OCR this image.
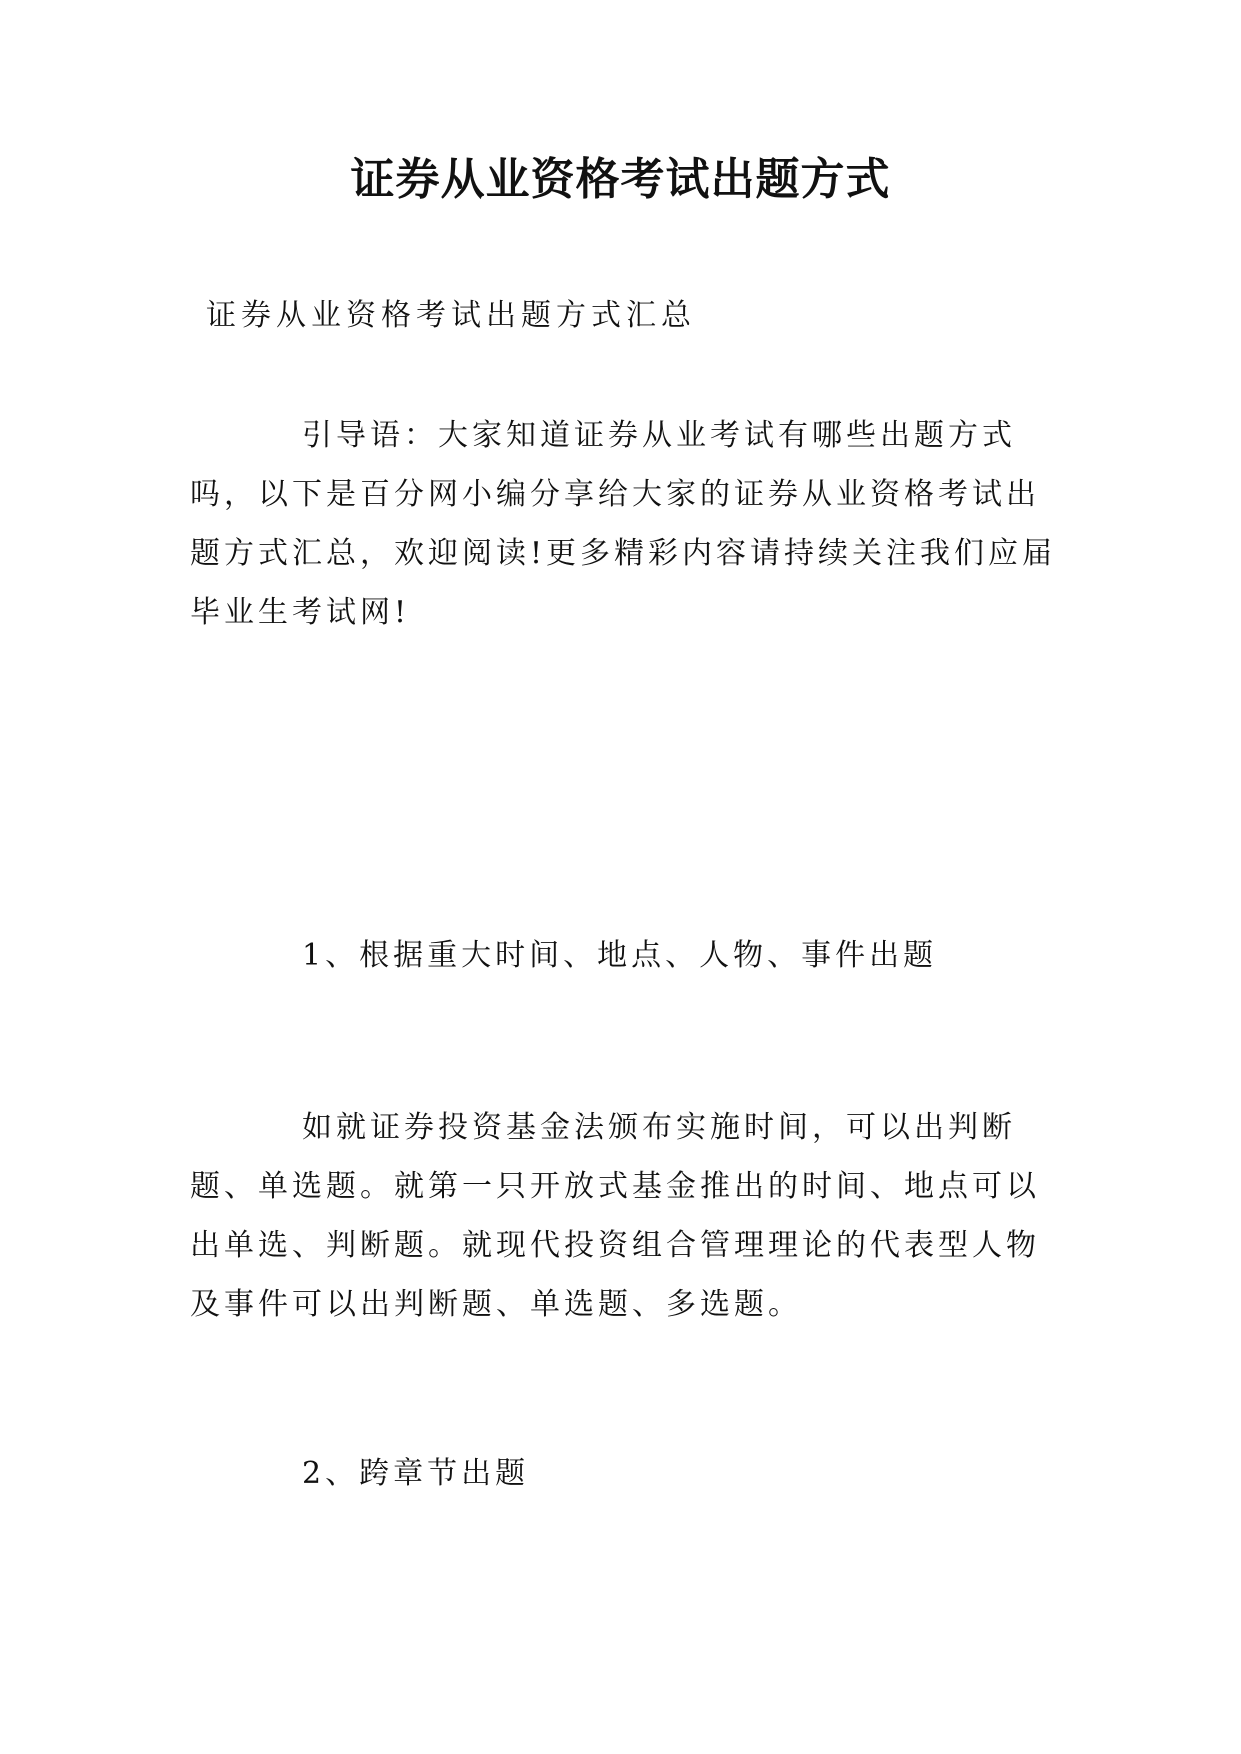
证券从业资格考试出题方式
证券从业资格考试出题方式汇总

引导语：大家知道证券从业考试有哪些出题方式吗，以下是百分网小编分享给大家的证券从业资格考试出题方式汇总，欢迎阅读!更多精彩内容请持续关注我们应届毕业生考试网!

1、根据重大时间、地点、人物、事件出题

如就证券投资基金法颁布实施时间，可以出判断题、单选题。就第一只开放式基金推出的时间、地点可以出单选、判断题。就现代投资组合管理理论的代表型人物及事件可以出判断题、单选题、多选题。

2、跨章节出题
